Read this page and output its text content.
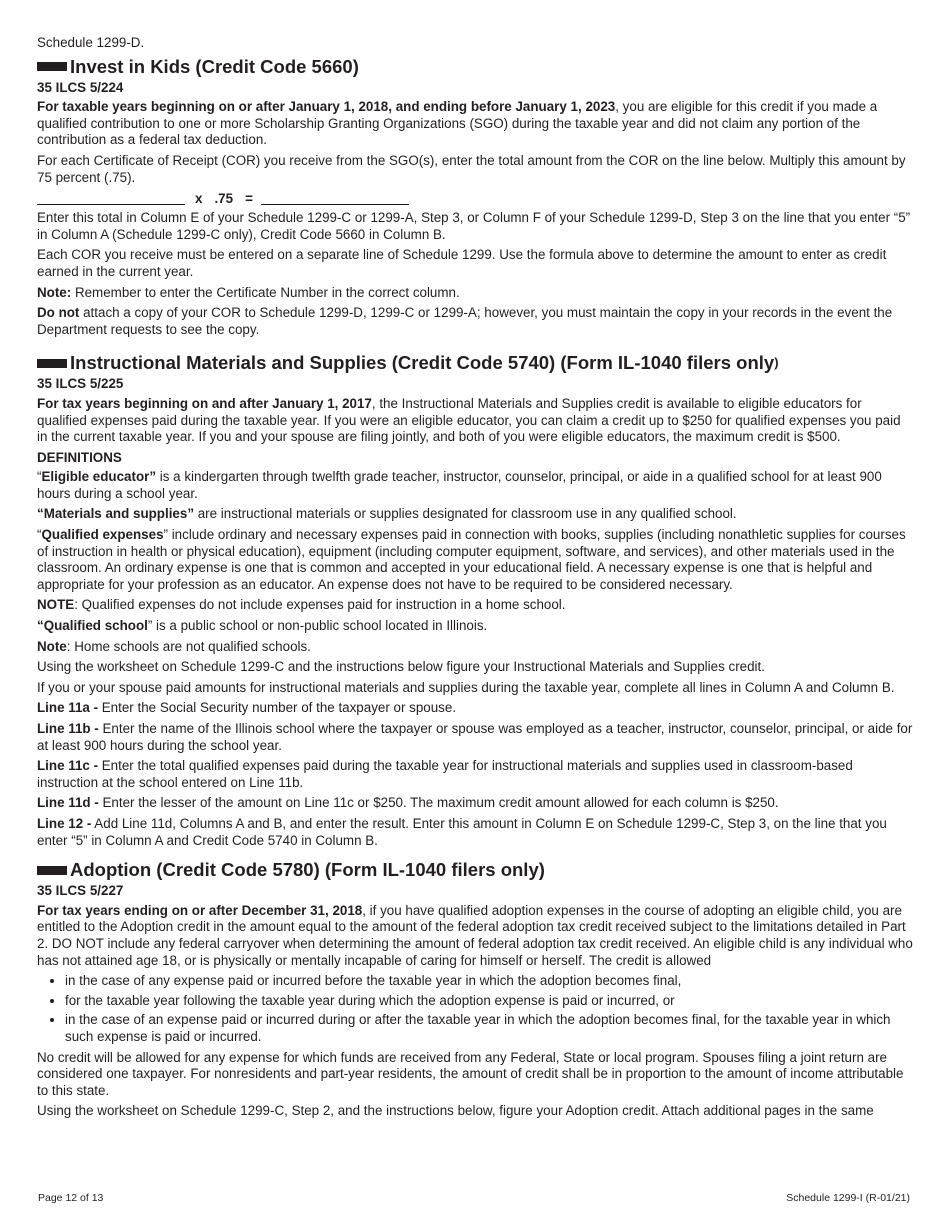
Schedule 1299-D.

Invest in Kids (Credit Code 5660)

35 ILCS 5/224

For taxable years beginning on or after January 1, 2018, and ending before January 1, 2023, you are eligible for this credit if you made a qualified contribution to one or more Scholarship Granting Organizations (SGO) during the taxable year and did not claim any portion of the contribution as a federal tax deduction.

For each Certificate of Receipt (COR) you receive from the SGO(s), enter the total amount from the COR on the line below. Multiply this amount by 75 percent (.75).

x .75 =

Enter this total in Column E of your Schedule 1299-C or 1299-A, Step 3, or Column F of your Schedule 1299-D, Step 3 on the line that you enter “5” in Column A (Schedule 1299-C only), Credit Code 5660 in Column B.

Each COR you receive must be entered on a separate line of Schedule 1299. Use the formula above to determine the amount to enter as credit earned in the current year.

Note: Remember to enter the Certificate Number in the correct column.

Do not attach a copy of your COR to Schedule 1299-D, 1299-C or 1299-A; however, you must maintain the copy in your records in the event the Department requests to see the copy.

Instructional Materials and Supplies (Credit Code 5740) (Form IL-1040 filers only )

35 ILCS 5/225

For tax years beginning on and after January 1, 2017, the Instructional Materials and Supplies credit is available to eligible educators for qualified expenses paid during the taxable year. If you were an eligible educator, you can claim a credit up to $250 for qualified expenses you paid in the current taxable year. If you and your spouse are filing jointly, and both of you were eligible educators, the maximum credit is $500.

DEFINITIONS

“Eligible educator” is a kindergarten through twelfth grade teacher, instructor, counselor, principal, or aide in a qualified school for at least 900 hours during a school year.

“Materials and supplies” are instructional materials or supplies designated for classroom use in any qualified school.

“Qualified expenses” include ordinary and necessary expenses paid in connection with books, supplies (including nonathletic supplies for courses of instruction in health or physical education), equipment (including computer equipment, software, and services), and other materials used in the classroom. An ordinary expense is one that is common and accepted in your educational field. A necessary expense is one that is helpful and appropriate for your profession as an educator. An expense does not have to be required to be considered necessary.

NOTE: Qualified expenses do not include expenses paid for instruction in a home school.

“Qualified school” is a public school or non-public school located in Illinois.

Note: Home schools are not qualified schools.

Using the worksheet on Schedule 1299-C and the instructions below figure your Instructional Materials and Supplies credit.

If you or your spouse paid amounts for instructional materials and supplies during the taxable year, complete all lines in Column A and Column B.

Line 11a - Enter the Social Security number of the taxpayer or spouse.

Line 11b - Enter the name of the Illinois school where the taxpayer or spouse was employed as a teacher, instructor, counselor, principal, or aide for at least 900 hours during the school year.

Line 11c - Enter the total qualified expenses paid during the taxable year for instructional materials and supplies used in classroom-based instruction at the school entered on Line 11b.

Line 11d - Enter the lesser of the amount on Line 11c or $250. The maximum credit amount allowed for each column is $250.

Line 12 - Add Line 11d, Columns A and B, and enter the result. Enter this amount in Column E on Schedule 1299-C, Step 3, on the line that you enter “5” in Column A and Credit Code 5740 in Column B.

Adoption (Credit Code 5780) (Form IL-1040 filers only)

35 ILCS 5/227

For tax years ending on or after December 31, 2018, if you have qualified adoption expenses in the course of adopting an eligible child, you are entitled to the Adoption credit in the amount equal to the amount of the federal adoption tax credit received subject to the limitations detailed in Part 2. DO NOT include any federal carryover when determining the amount of federal adoption tax credit received. An eligible child is any individual who has not attained age 18, or is physically or mentally incapable of caring for himself or herself. The credit is allowed

• in the case of any expense paid or incurred before the taxable year in which the adoption becomes final,
• for the taxable year following the taxable year during which the adoption expense is paid or incurred, or
• in the case of an expense paid or incurred during or after the taxable year in which the adoption becomes final, for the taxable year in which such expense is paid or incurred.

No credit will be allowed for any expense for which funds are received from any Federal, State or local program. Spouses filing a joint return are considered one taxpayer. For nonresidents and part-year residents, the amount of credit shall be in proportion to the amount of income attributable to this state.

Using the worksheet on Schedule 1299-C, Step 2, and the instructions below, figure your Adoption credit. Attach additional pages in the same

Page 12 of 13	Schedule 1299-I (R-01/21)
